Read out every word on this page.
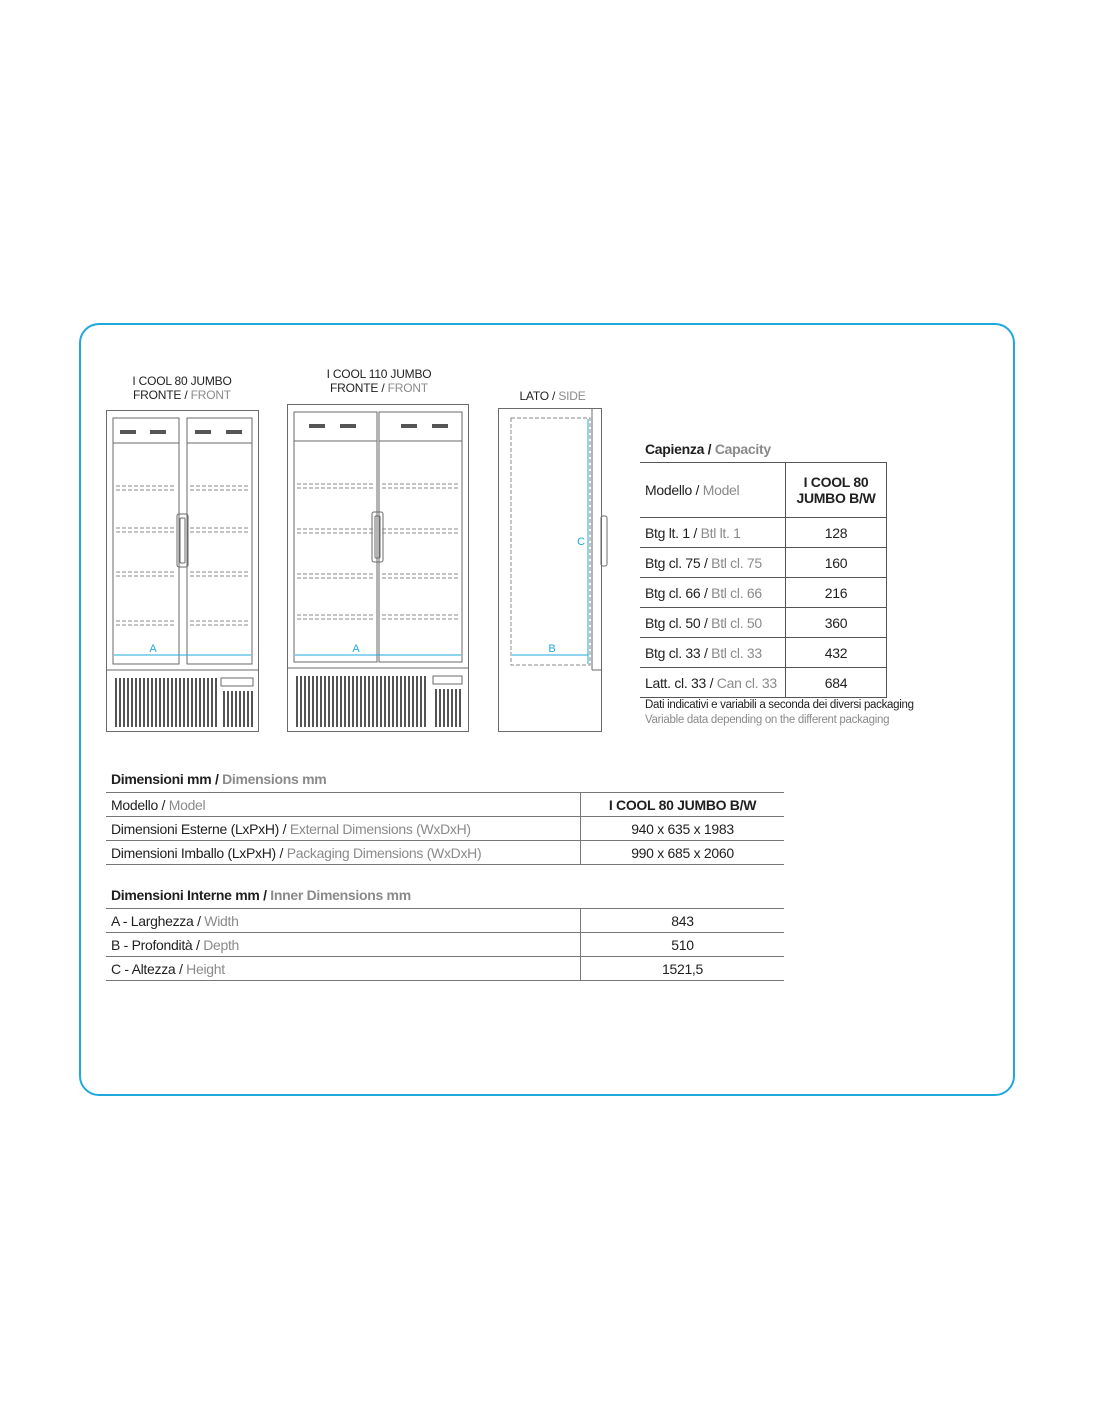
I COOL 80 JUMBO
FRONTE / FRONT
I COOL 110 JUMBO
FRONTE / FRONT
LATO / SIDE
A	A	B
C
Capienza / Capacity
Modello / Model	I COOL 80
JUMBO B/W

Btg lt. 1 / Btl lt. 1	128
Btg cl. 75 / Btl cl. 75	160
Btg cl. 66 / Btl cl. 66	216
Btg cl. 50 / Btl cl. 50	360
Btg cl. 33 / Btl cl. 33	432
Latt. cl. 33 / Can cl. 33	684
Dati indicativi e variabili a seconda dei diversi packaging
Variable data depending on the different packaging
Dimensioni mm / Dimensions mm
Modello / Model	I COOL 80 JUMBO B/W
Dimensioni Esterne (LxPxH) / External Dimensions (WxDxH)	940 x 635 x 1983
Dimensioni Imballo (LxPxH) / Packaging Dimensions (WxDxH)	990 x 685 x 2060
Dimensioni Interne mm / Inner Dimensions mm
A - Larghezza / Width	843
B - Profondità / Depth	510
C - Altezza / Height	1521,5
